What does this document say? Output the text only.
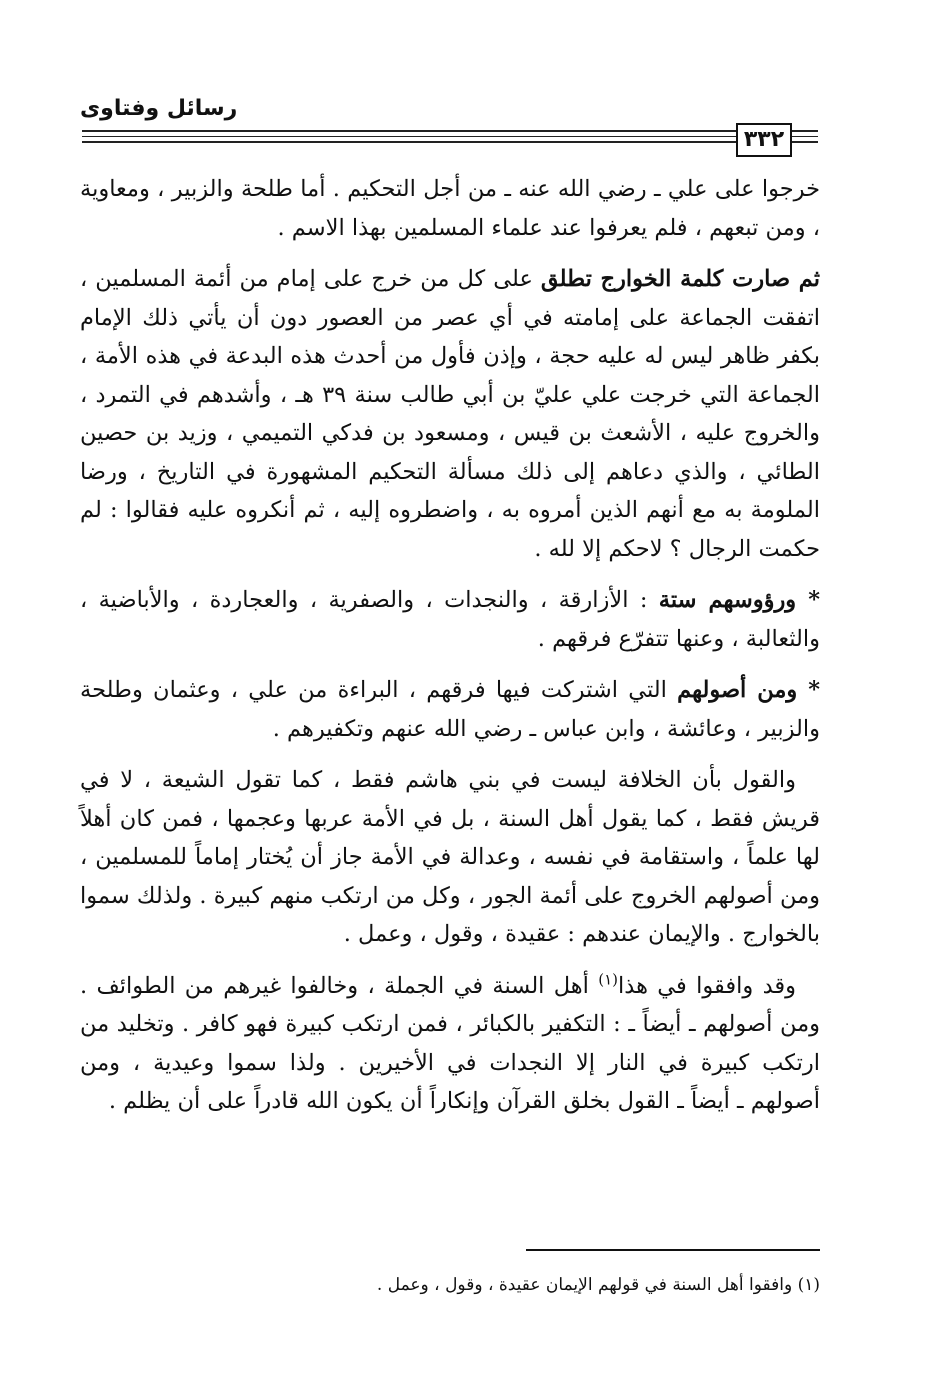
رسائل وفتاوى
٣٣٢

خرجوا على علي ـ رضي الله عنه ـ من أجل التحكيم . أما طلحة والزبير ، ومعاوية ، ومن تبعهم ، فلم يعرفوا عند علماء المسلمين بهذا الاسم .

ثم صارت كلمة الخوارج تطلق على كل من خرج على إمام من أئمة المسلمين ، اتفقت الجماعة على إمامته في أي عصر من العصور دون أن يأتي ذلك الإمام بكفر ظاهر ليس له عليه حجة ، وإذن فأول من أحدث هذه البدعة في هذه الأمة ، الجماعة التي خرجت علي عليّ بن أبي طالب سنة ٣٩ هـ ، وأشدهم في التمرد ، والخروج عليه ، الأشعث بن قيس ، ومسعود بن فدكي التميمي ، وزيد بن حصين الطائي ، والذي دعاهم إلى ذلك مسألة التحكيم المشهورة في التاريخ ، ورضا الملومة به مع أنهم الذين أمروه به ، واضطروه إليه ، ثم أنكروه عليه فقالوا : لم حكمت الرجال ؟ لاحكم إلا لله .

* ورؤوسهم ستة : الأزارقة ، والنجدات ، والصفرية ، والعجاردة ، والأباضية ، والثعالبة ، وعنها تتفرّع فرقهم .

* ومن أصولهم التي اشتركت فيها فرقهم ، البراءة من علي ، وعثمان وطلحة والزبير ، وعائشة ، وابن عباس ـ رضي الله عنهم وتكفيرهم .

والقول بأن الخلافة ليست في بني هاشم فقط ، كما تقول الشيعة ، لا في قريش فقط ، كما يقول أهل السنة ، بل في الأمة عربها وعجمها ، فمن كان أهلاً لها علماً ، واستقامة في نفسه ، وعدالة في الأمة جاز أن يُختار إماماً للمسلمين ، ومن أصولهم الخروج على أئمة الجور ، وكل من ارتكب منهم كبيرة . ولذلك سموا بالخوارج . والإيمان عندهم : عقيدة ، وقول ، وعمل .

وقد وافقوا في هذا$^{(١)}$ أهل السنة في الجملة ، وخالفوا غيرهم من الطوائف . ومن أصولهم ـ أيضاً ـ : التكفير بالكبائر ، فمن ارتكب كبيرة فهو كافر . وتخليد من ارتكب كبيرة في النار إلا النجدات في الأخيرين . ولذا سموا وعيدية ، ومن أصولهم ـ أيضاً ـ القول بخلق القرآن وإنكاراً أن يكون الله قادراً على أن يظلم .

(١) وافقوا أهل السنة في قولهم الإيمان عقيدة ، وقول ، وعمل .
